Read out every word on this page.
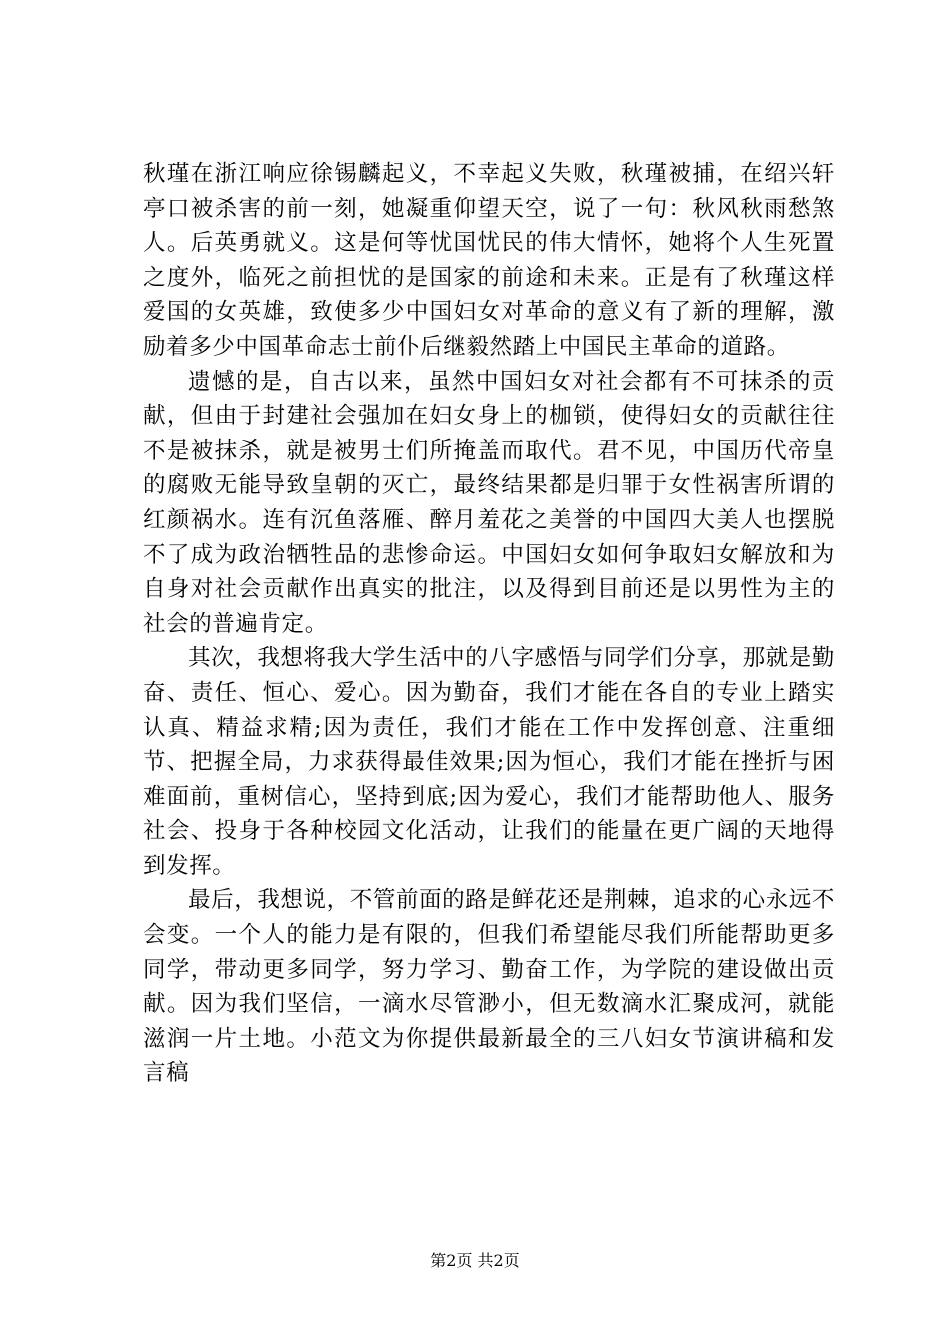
秋瑾在浙江响应徐锡麟起义，不幸起义失败，秋瑾被捕，在绍兴轩亭口被杀害的前一刻，她凝重仰望天空，说了一句：秋风秋雨愁煞人。后英勇就义。这是何等忧国忧民的伟大情怀，她将个人生死置之度外，临死之前担忧的是国家的前途和未来。正是有了秋瑾这样爱国的女英雄，致使多少中国妇女对革命的意义有了新的理解，激励着多少中国革命志士前仆后继毅然踏上中国民主革命的道路。

遗憾的是，自古以来，虽然中国妇女对社会都有不可抹杀的贡献，但由于封建社会强加在妇女身上的枷锁，使得妇女的贡献往往不是被抹杀，就是被男士们所掩盖而取代。君不见，中国历代帝皇的腐败无能导致皇朝的灭亡，最终结果都是归罪于女性祸害所谓的红颜祸水。连有沉鱼落雁、醉月羞花之美誉的中国四大美人也摆脱不了成为政治牺牲品的悲惨命运。中国妇女如何争取妇女解放和为自身对社会贡献作出真实的批注，以及得到目前还是以男性为主的社会的普遍肯定。

其次，我想将我大学生活中的八字感悟与同学们分享，那就是勤奋、责任、恒心、爱心。因为勤奋，我们才能在各自的专业上踏实认真、精益求精;因为责任，我们才能在工作中发挥创意、注重细节、把握全局，力求获得最佳效果;因为恒心，我们才能在挫折与困难面前，重树信心，坚持到底;因为爱心，我们才能帮助他人、服务社会、投身于各种校园文化活动，让我们的能量在更广阔的天地得到发挥。

最后，我想说，不管前面的路是鲜花还是荆棘，追求的心永远不会变。一个人的能力是有限的，但我们希望能尽我们所能帮助更多同学，带动更多同学，努力学习、勤奋工作，为学院的建设做出贡献。因为我们坚信，一滴水尽管渺小，但无数滴水汇聚成河，就能滋润一片土地。小范文为你提供最新最全的三八妇女节演讲稿和发言稿

第2页 共2页
